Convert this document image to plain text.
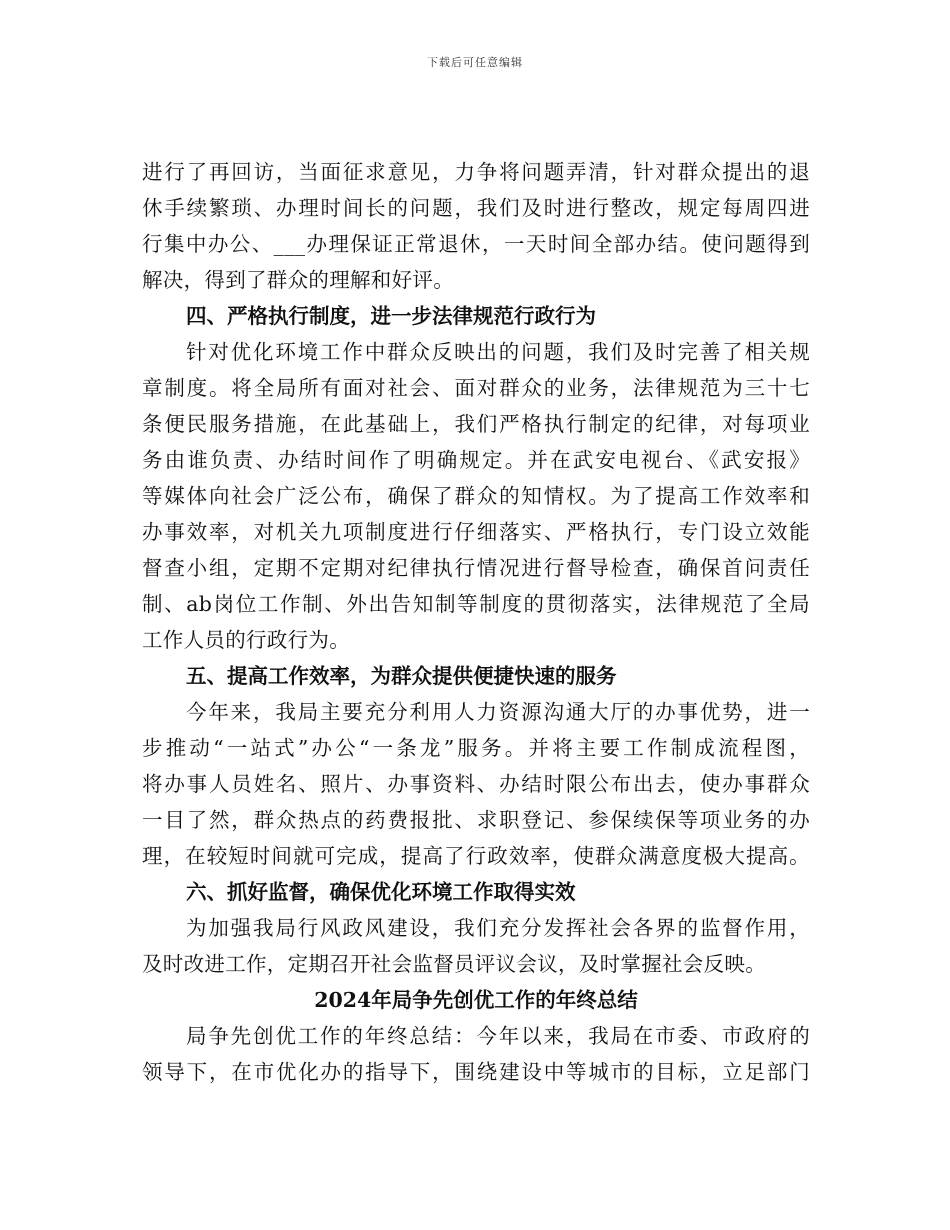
下载后可任意编辑
进行了再回访，当面征求意见，力争将问题弄清，针对群众提出的退
休手续繁琐、办理时间长的问题，我们及时进行整改，规定每周四进
行集中办公、___办理保证正常退休，一天时间全部办结。使问题得到
解决，得到了群众的理解和好评。
四、严格执行制度，进一步法律规范行政行为
针对优化环境工作中群众反映出的问题，我们及时完善了相关规
章制度。将全局所有面对社会、面对群众的业务，法律规范为三十七
条便民服务措施，在此基础上，我们严格执行制定的纪律，对每项业
务由谁负责、办结时间作了明确规定。并在武安电视台、《武安报》
等媒体向社会广泛公布，确保了群众的知情权。为了提高工作效率和
办事效率，对机关九项制度进行仔细落实、严格执行，专门设立效能
督查小组，定期不定期对纪律执行情况进行督导检查，确保首问责任
制、ab岗位工作制、外出告知制等制度的贯彻落实，法律规范了全局
工作人员的行政行为。
五、提高工作效率，为群众提供便捷快速的服务
今年来，我局主要充分利用人力资源沟通大厅的办事优势，进一
步推动“一站式”办公“一条龙”服务。并将主要工作制成流程图，
将办事人员姓名、照片、办事资料、办结时限公布出去，使办事群众
一目了然，群众热点的药费报批、求职登记、参保续保等项业务的办
理，在较短时间就可完成，提高了行政效率，使群众满意度极大提高。
六、抓好监督，确保优化环境工作取得实效
为加强我局行风政风建设，我们充分发挥社会各界的监督作用，
及时改进工作，定期召开社会监督员评议会议，及时掌握社会反映。
2024年局争先创优工作的年终总结
局争先创优工作的年终总结：今年以来，我局在市委、市政府的
领导下，在市优化办的指导下，围绕建设中等城市的目标，立足部门
